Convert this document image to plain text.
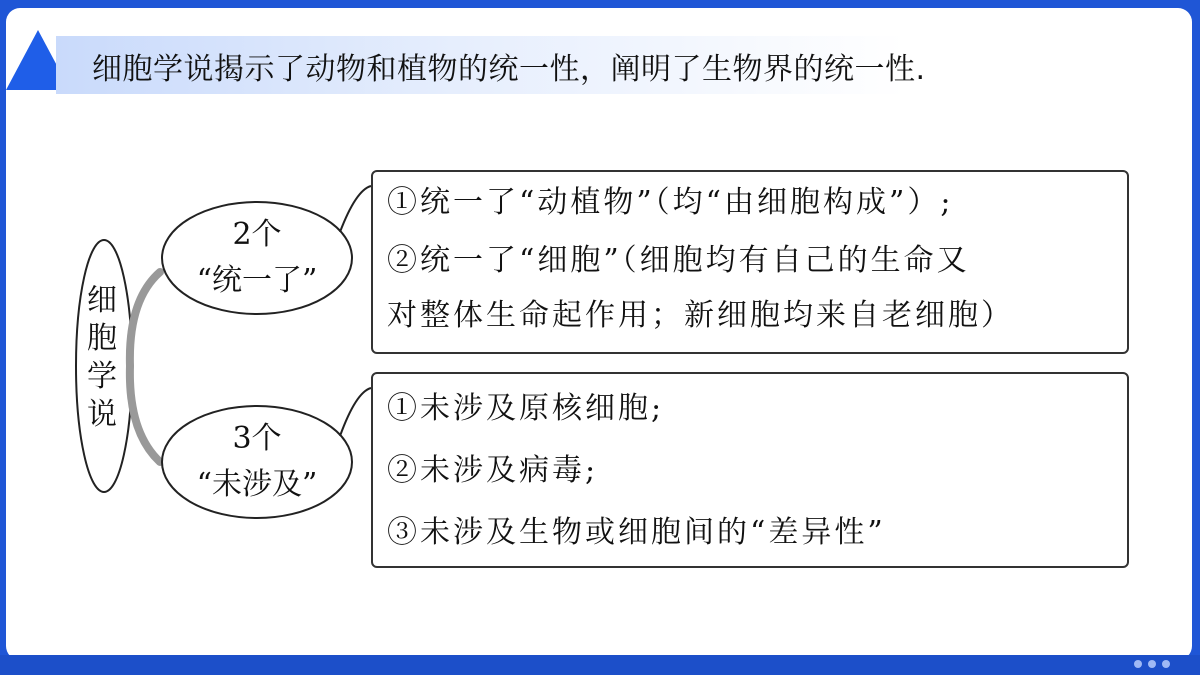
细胞学说揭示了动物和植物的统一性，阐明了生物界的统一性.
细胞学说
2个
“统一了”
3个
“未涉及”
①统一了“动植物”（均“由细胞构成”）;
②统一了“细胞”（细胞均有自己的生命又
对整体生命起作用；新细胞均来自老细胞）
①未涉及原核细胞;
②未涉及病毒;
③未涉及生物或细胞间的“差异性”
